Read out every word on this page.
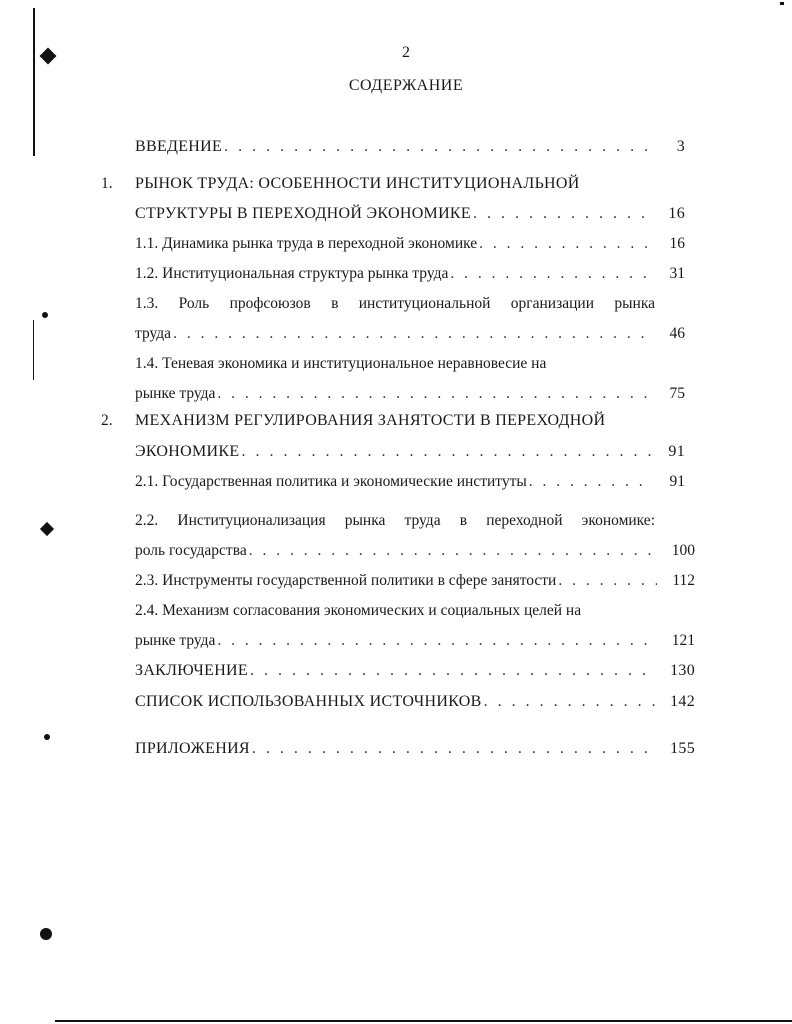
2
СОДЕРЖАНИЕ
ВВЕДЕНИЕ . . .	3
1. РЫНОК ТРУДА: ОСОБЕННОСТИ ИНСТИТУЦИОНАЛЬНОЙ
СТРУКТУРЫ В ПЕРЕХОДНОЙ ЭКОНОМИКЕ . . .	16
1.1. Динамика рынка труда в переходной экономике . . .	16
1.2. Институциональная структура рынка труда . . .	31
1.3. Роль профсоюзов в институциональной организации рынка
труда . . .	46
1.4. Теневая экономика и институциональное неравновесие на
рынке труда . . .	75
2. МЕХАНИЗМ РЕГУЛИРОВАНИЯ ЗАНЯТОСТИ В ПЕРЕХОДНОЙ
ЭКОНОМИКЕ . . .	91
2.1. Государственная политика и экономические институты . . .	91
2.2. Институционализация рынка труда в переходной экономике:
роль государства . . .	100
2.3. Инструменты государственной политики в сфере занятости . . .	112
2.4. Механизм согласования экономических и социальных целей на
рынке труда . . .	121
ЗАКЛЮЧЕНИЕ . . .	130
СПИСОК ИСПОЛЬЗОВАННЫХ ИСТОЧНИКОВ . . .	142
ПРИЛОЖЕНИЯ . . .	155
